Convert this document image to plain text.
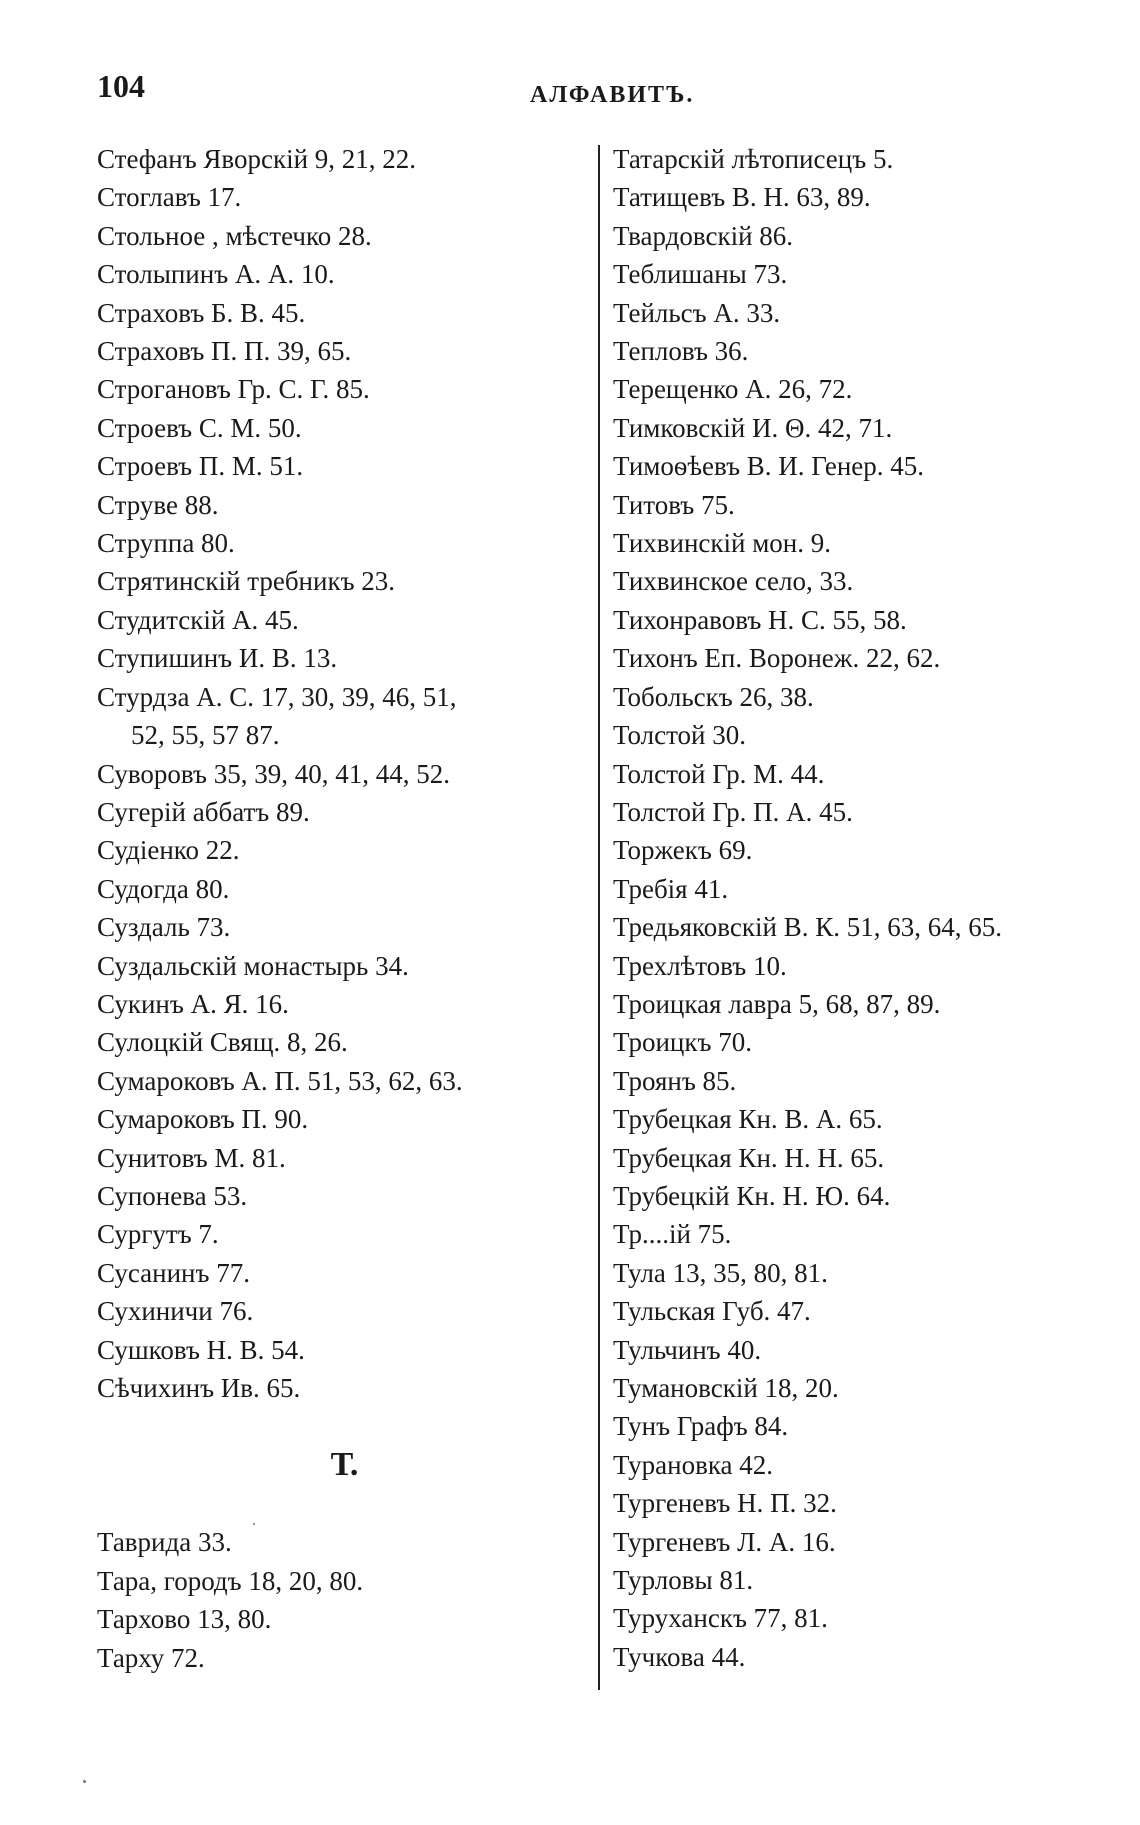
104	АЛФАВИТЪ.
Стефанъ Яворскій 9, 21, 22.
Стоглавъ 17.
Стольное , мѣстечко 28.
Столыпинъ А. А. 10.
Страховъ Б. В. 45.
Страховъ П. П. 39, 65.
Строгановъ Гр. С. Г. 85.
Строевъ С. М. 50.
Строевъ П. М. 51.
Струве 88.
Струппа 80.
Стрятинскій требникъ 23.
Студитскій А. 45.
Ступишинъ И. В. 13.
Стурдза А. С. 17, 30, 39, 46, 51,
52, 55, 57 87.
Суворовъ 35, 39, 40, 41, 44, 52.
Сугерій аббатъ 89.
Судіенко 22.
Судогда 80.
Суздаль 73.
Суздальскій монастырь 34.
Сукинъ А. Я. 16.
Сулоцкій Свящ. 8, 26.
Сумароковъ А. П. 51, 53, 62, 63.
Сумароковъ П. 90.
Сунитовъ М. 81.
Супонева 53.
Сургутъ 7.
Сусанинъ 77.
Сухиничи 76.
Сушковъ Н. В. 54.
Сѣчихинъ Ив. 65.
Т.
Таврида 33.
Тара, городъ 18, 20, 80.
Тархово 13, 80.
Тарху 72.
Татарскій лѣтописецъ 5.
Татищевъ В. Н. 63, 89.
Твардовскій 86.
Теблишаны 73.
Тейльсъ А. 33.
Тепловъ 36.
Терещенко А. 26, 72.
Тимковскій И. Θ. 42, 71.
Тимоѳѣевъ В. И. Генер. 45.
Титовъ 75.
Тихвинскій мон. 9.
Тихвинское село, 33.
Тихонравовъ Н. С. 55, 58.
Тихонъ Еп. Воронеж. 22, 62.
Тобольскъ 26, 38.
Толстой 30.
Толстой Гр. М. 44.
Толстой Гр. П. А. 45.
Торжекъ 69.
Требія 41.
Тредьяковскій В. К. 51, 63, 64, 65.
Трехлѣтовъ 10.
Троицкая лавра 5, 68, 87, 89.
Троицкъ 70.
Троянъ 85.
Трубецкая Кн. В. А. 65.
Трубецкая Кн. Н. Н. 65.
Трубецкій Кн. Н. Ю. 64.
Тр....ій 75.
Тула 13, 35, 80, 81.
Тульская Губ. 47.
Тульчинъ 40.
Тумановскій 18, 20.
Тунъ Графъ 84.
Турановка 42.
Тургеневъ Н. П. 32.
Тургеневъ Л. А. 16.
Турловы 81.
Туруханскъ 77, 81.
Тучкова 44.
